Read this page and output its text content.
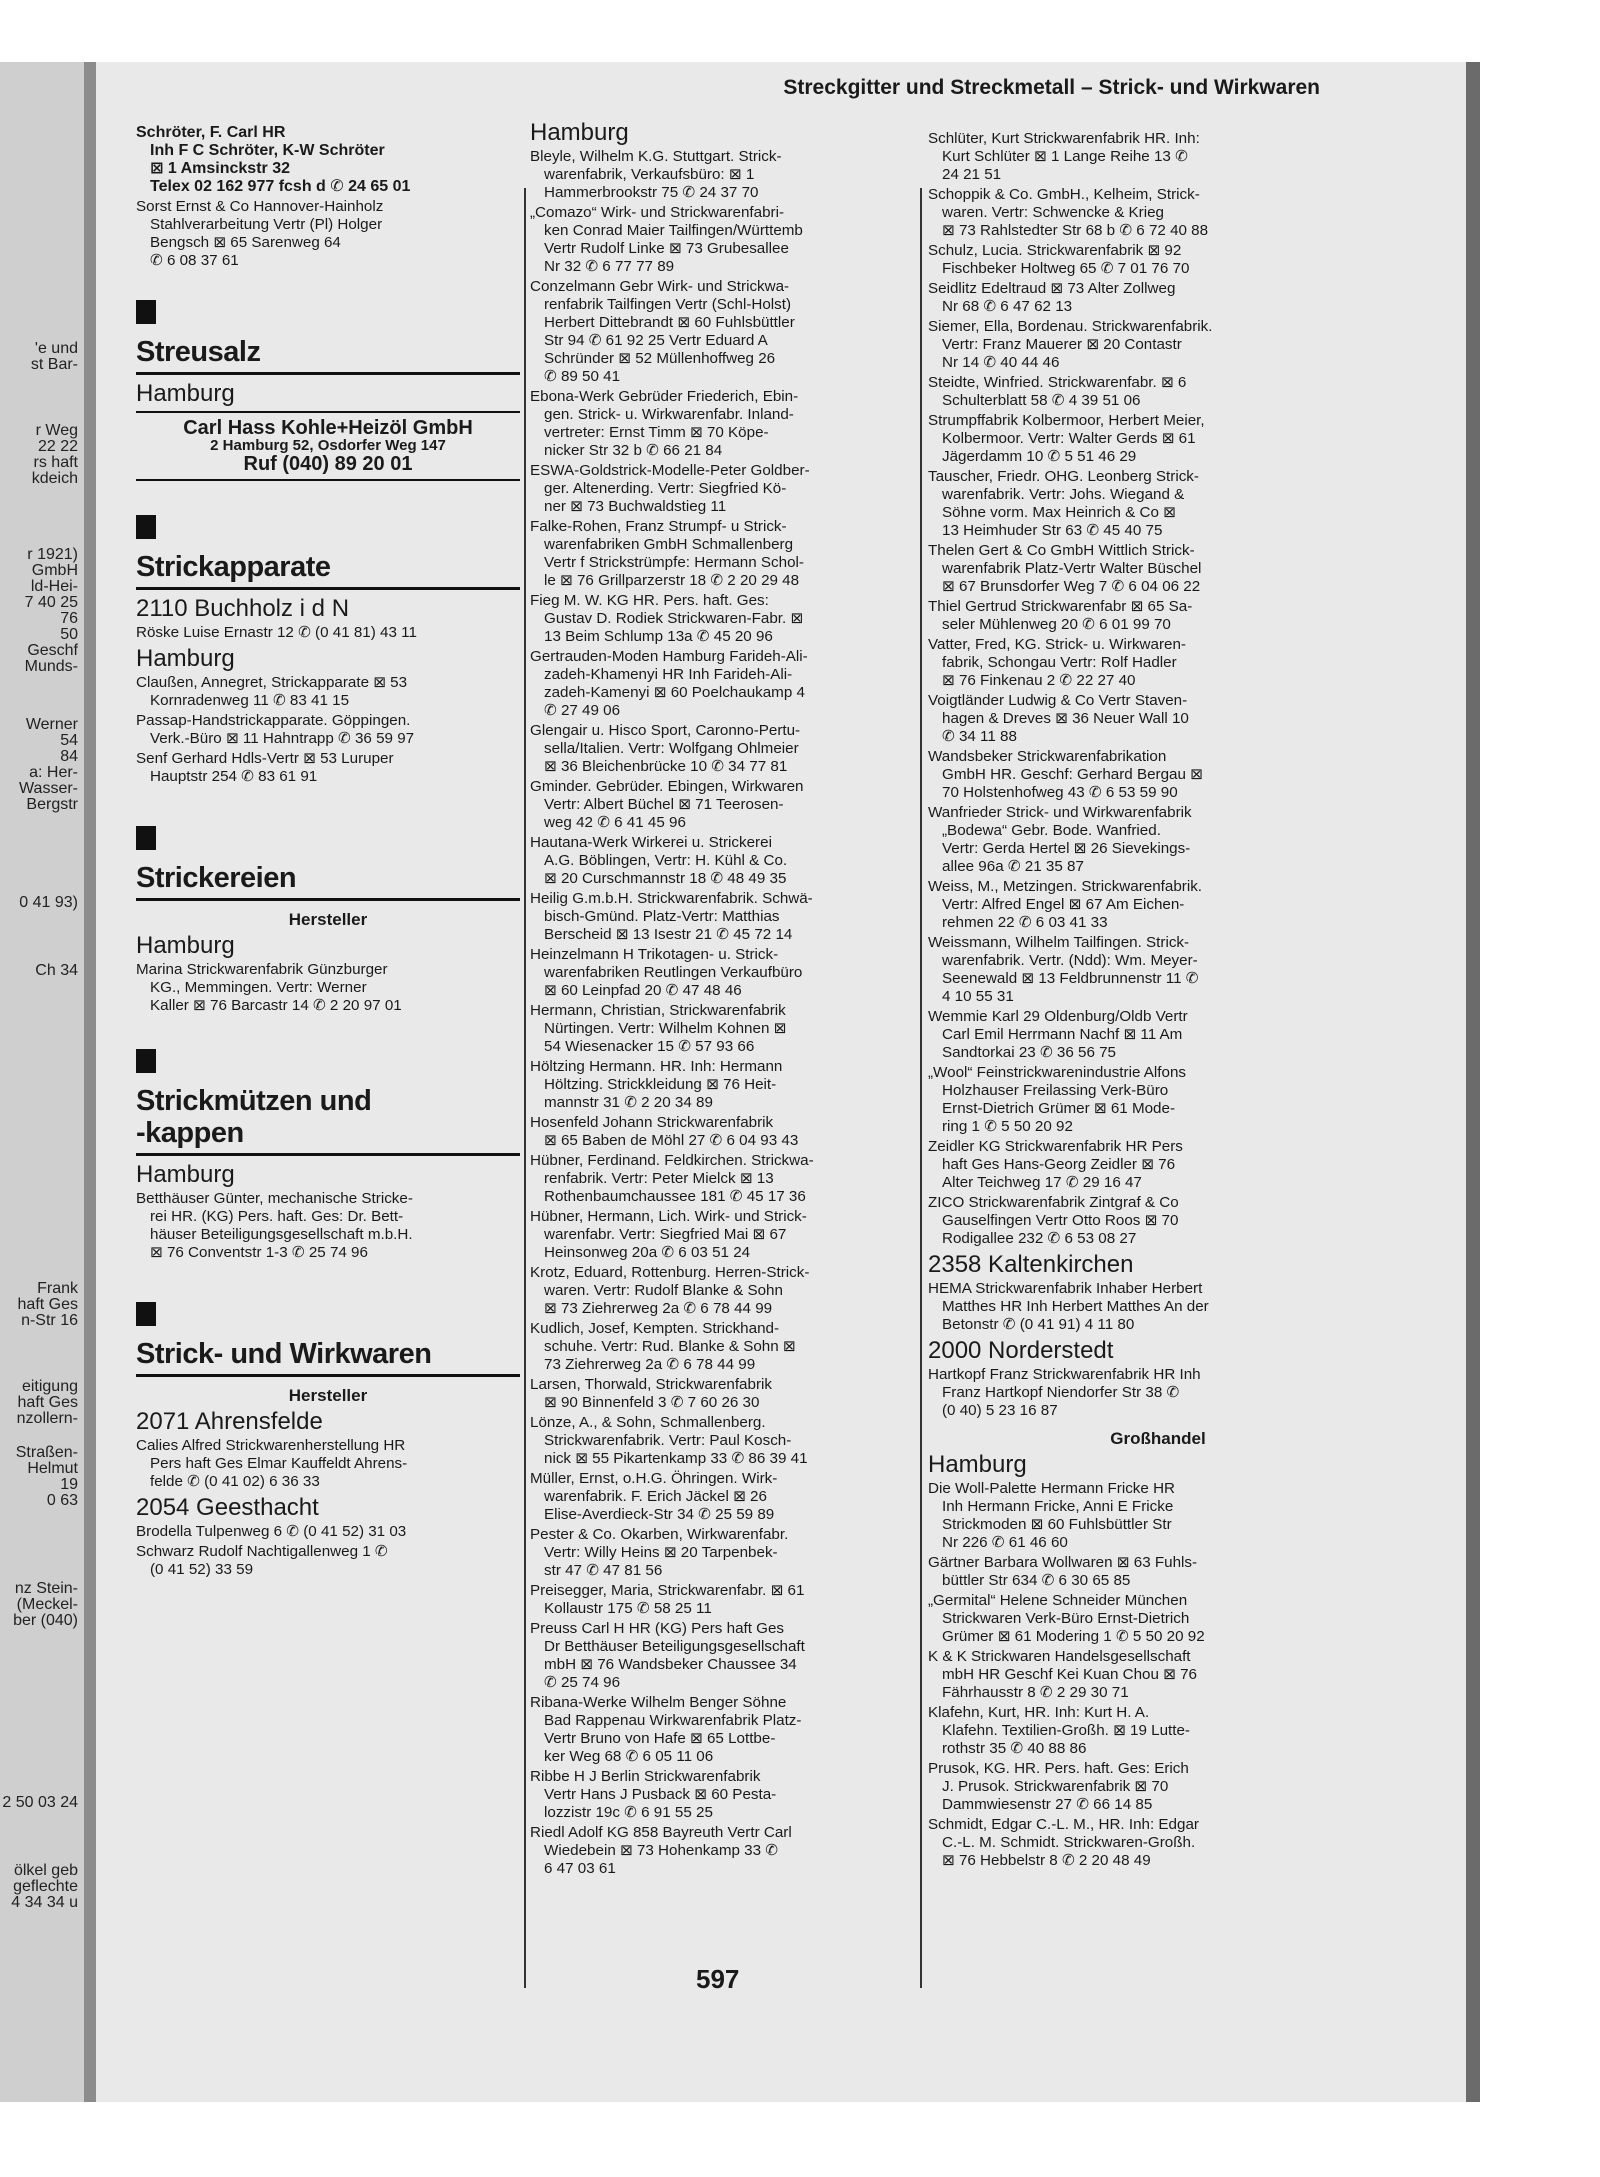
'e und
st Bar-
r Weg
22 22
rs haft
kdeich
r 1921)
GmbH
ld-Hei-
7 40 25
76
50
Geschf
Munds-
Werner
54
84
a: Her-
Wasser-
Bergstr
0 41 93)
Ch 34
Frank
haft Ges
n-Str 16
eitigung
haft Ges
nzollern-
Straßen-
Helmut
19
0 63
nz Stein-
(Meckel-
ber (040)
2 50 03 24
ölkel geb
geflechte
4 34 34 u
Streckgitter und Streckmetall – Strick- und Wirkwaren
Schröter, F. Carl HR
Inh F C Schröter, K-W Schröter
⊠ 1 Amsinckstr 32
Telex 02 162 977 fcsh d ✆ 24 65 01
Sorst Ernst & Co Hannover-Hainholz
Stahlverarbeitung Vertr (Pl) Holger
Bengsch ⊠ 65 Sarenweg 64
✆ 6 08 37 61
Streusalz
Hamburg
Carl Hass Kohle+Heizöl GmbH
2 Hamburg 52, Osdorfer Weg 147
Ruf (040) 89 20 01
Strickapparate
2110 Buchholz i d N
Röske Luise Ernastr 12 ✆ (0 41 81) 43 11
Hamburg
Claußen, Annegret, Strickapparate ⊠ 53
Kornradenweg 11 ✆ 83 41 15
Passap-Handstrickapparate. Göppingen.
Verk.-Büro ⊠ 11 Hahntrapp ✆ 36 59 97
Senf Gerhard Hdls-Vertr ⊠ 53 Luruper
Hauptstr 254 ✆ 83 61 91
Strickereien
Hersteller
Hamburg
Marina Strickwarenfabrik Günzburger
KG., Memmingen. Vertr: Werner
Kaller ⊠ 76 Barcastr 14 ✆ 2 20 97 01
Strickmützen und
-kappen
Hamburg
Betthäuser Günter, mechanische Stricke-
rei HR. (KG) Pers. haft. Ges: Dr. Bett-
häuser Beteiligungsgesellschaft m.b.H.
⊠ 76 Conventstr 1-3 ✆ 25 74 96
Strick- und Wirkwaren
Hersteller
2071 Ahrensfelde
Calies Alfred Strickwarenherstellung HR
Pers haft Ges Elmar Kauffeldt Ahrens-
felde ✆ (0 41 02) 6 36 33
2054 Geesthacht
Brodella Tulpenweg 6 ✆ (0 41 52) 31 03
Schwarz Rudolf Nachtigallenweg 1 ✆
(0 41 52) 33 59
Hamburg
Bleyle, Wilhelm K.G. Stuttgart. Strick-
warenfabrik, Verkaufsbüro: ⊠ 1
Hammerbrookstr 75 ✆ 24 37 70
„Comazo“ Wirk- und Strickwarenfabri-
ken Conrad Maier Tailfingen/Württemb
Vertr Rudolf Linke ⊠ 73 Grubesallee
Nr 32 ✆ 6 77 77 89
Conzelmann Gebr Wirk- und Strickwa-
renfabrik Tailfingen Vertr (Schl-Holst)
Herbert Dittebrandt ⊠ 60 Fuhlsbüttler
Str 94 ✆ 61 92 25 Vertr Eduard A
Schründer ⊠ 52 Müllenhoffweg 26
✆ 89 50 41
Ebona-Werk Gebrüder Friederich, Ebin-
gen. Strick- u. Wirkwarenfabr. Inland-
vertreter: Ernst Timm ⊠ 70 Köpe-
nicker Str 32 b ✆ 66 21 84
ESWA-Goldstrick-Modelle-Peter Goldber-
ger. Altenerding. Vertr: Siegfried Kö-
ner ⊠ 73 Buchwaldstieg 11
Falke-Rohen, Franz Strumpf- u Strick-
warenfabriken GmbH Schmallenberg
Vertr f Strickstrümpfe: Hermann Schol-
le ⊠ 76 Grillparzerstr 18 ✆ 2 20 29 48
Fieg M. W. KG HR. Pers. haft. Ges:
Gustav D. Rodiek Strickwaren-Fabr. ⊠
13 Beim Schlump 13a ✆ 45 20 96
Gertrauden-Moden Hamburg Farideh-Ali-
zadeh-Khamenyi HR Inh Farideh-Ali-
zadeh-Kamenyi ⊠ 60 Poelchaukamp 4
✆ 27 49 06
Glengair u. Hisco Sport, Caronno-Pertu-
sella/Italien. Vertr: Wolfgang Ohlmeier
⊠ 36 Bleichenbrücke 10 ✆ 34 77 81
Gminder. Gebrüder. Ebingen, Wirkwaren
Vertr: Albert Büchel ⊠ 71 Teerosen-
weg 42 ✆ 6 41 45 96
Hautana-Werk Wirkerei u. Strickerei
A.G. Böblingen, Vertr: H. Kühl & Co.
⊠ 20 Curschmannstr 18 ✆ 48 49 35
Heilig G.m.b.H. Strickwarenfabrik. Schwä-
bisch-Gmünd. Platz-Vertr: Matthias
Berscheid ⊠ 13 Isestr 21 ✆ 45 72 14
Heinzelmann H Trikotagen- u. Strick-
warenfabriken Reutlingen Verkaufbüro
⊠ 60 Leinpfad 20 ✆ 47 48 46
Hermann, Christian, Strickwarenfabrik
Nürtingen. Vertr: Wilhelm Kohnen ⊠
54 Wiesenacker 15 ✆ 57 93 66
Höltzing Hermann. HR. Inh: Hermann
Höltzing. Strickkleidung ⊠ 76 Heit-
mannstr 31 ✆ 2 20 34 89
Hosenfeld Johann Strickwarenfabrik
⊠ 65 Baben de Möhl 27 ✆ 6 04 93 43
Hübner, Ferdinand. Feldkirchen. Strickwa-
renfabrik. Vertr: Peter Mielck ⊠ 13
Rothenbaumchaussee 181 ✆ 45 17 36
Hübner, Hermann, Lich. Wirk- und Strick-
warenfabr. Vertr: Siegfried Mai ⊠ 67
Heinsonweg 20a ✆ 6 03 51 24
Krotz, Eduard, Rottenburg. Herren-Strick-
waren. Vertr: Rudolf Blanke & Sohn
⊠ 73 Ziehrerweg 2a ✆ 6 78 44 99
Kudlich, Josef, Kempten. Strickhand-
schuhe. Vertr: Rud. Blanke & Sohn ⊠
73 Ziehrerweg 2a ✆ 6 78 44 99
Larsen, Thorwald, Strickwarenfabrik
⊠ 90 Binnenfeld 3 ✆ 7 60 26 30
Lönze, A., & Sohn, Schmallenberg.
Strickwarenfabrik. Vertr: Paul Kosch-
nick ⊠ 55 Pikartenkamp 33 ✆ 86 39 41
Müller, Ernst, o.H.G. Öhringen. Wirk-
warenfabrik. F. Erich Jäckel ⊠ 26
Elise-Averdieck-Str 34 ✆ 25 59 89
Pester & Co. Okarben, Wirkwarenfabr.
Vertr: Willy Heins ⊠ 20 Tarpenbek-
str 47 ✆ 47 81 56
Preisegger, Maria, Strickwarenfabr. ⊠ 61
Kollaustr 175 ✆ 58 25 11
Preuss Carl H HR (KG) Pers haft Ges
Dr Betthäuser Beteiligungsgesellschaft
mbH ⊠ 76 Wandsbeker Chaussee 34
✆ 25 74 96
Ribana-Werke Wilhelm Benger Söhne
Bad Rappenau Wirkwarenfabrik Platz-
Vertr Bruno von Hafe ⊠ 65 Lottbe-
ker Weg 68 ✆ 6 05 11 06
Ribbe H J Berlin Strickwarenfabrik
Vertr Hans J Pusback ⊠ 60 Pesta-
lozzistr 19c ✆ 6 91 55 25
Riedl Adolf KG 858 Bayreuth Vertr Carl
Wiedebein ⊠ 73 Hohenkamp 33 ✆
6 47 03 61
Schlüter, Kurt Strickwarenfabrik HR. Inh:
Kurt Schlüter ⊠ 1 Lange Reihe 13 ✆
24 21 51
Schoppik & Co. GmbH., Kelheim, Strick-
waren. Vertr: Schwencke & Krieg
⊠ 73 Rahlstedter Str 68 b ✆ 6 72 40 88
Schulz, Lucia. Strickwarenfabrik ⊠ 92
Fischbeker Holtweg 65 ✆ 7 01 76 70
Seidlitz Edeltraud ⊠ 73 Alter Zollweg
Nr 68 ✆ 6 47 62 13
Siemer, Ella, Bordenau. Strickwarenfabrik.
Vertr: Franz Mauerer ⊠ 20 Contastr
Nr 14 ✆ 40 44 46
Steidte, Winfried. Strickwarenfabr. ⊠ 6
Schulterblatt 58 ✆ 4 39 51 06
Strumpffabrik Kolbermoor, Herbert Meier,
Kolbermoor. Vertr: Walter Gerds ⊠ 61
Jägerdamm 10 ✆ 5 51 46 29
Tauscher, Friedr. OHG. Leonberg Strick-
warenfabrik. Vertr: Johs. Wiegand &
Söhne vorm. Max Heinrich & Co ⊠
13 Heimhuder Str 63 ✆ 45 40 75
Thelen Gert & Co GmbH Wittlich Strick-
warenfabrik Platz-Vertr Walter Büschel
⊠ 67 Brunsdorfer Weg 7 ✆ 6 04 06 22
Thiel Gertrud Strickwarenfabr ⊠ 65 Sa-
seler Mühlenweg 20 ✆ 6 01 99 70
Vatter, Fred, KG. Strick- u. Wirkwaren-
fabrik, Schongau Vertr: Rolf Hadler
⊠ 76 Finkenau 2 ✆ 22 27 40
Voigtländer Ludwig & Co Vertr Staven-
hagen & Dreves ⊠ 36 Neuer Wall 10
✆ 34 11 88
Wandsbeker Strickwarenfabrikation
GmbH HR. Geschf: Gerhard Bergau ⊠
70 Holstenhofweg 43 ✆ 6 53 59 90
Wanfrieder Strick- und Wirkwarenfabrik
„Bodewa“ Gebr. Bode. Wanfried.
Vertr: Gerda Hertel ⊠ 26 Sievekings-
allee 96a ✆ 21 35 87
Weiss, M., Metzingen. Strickwarenfabrik.
Vertr: Alfred Engel ⊠ 67 Am Eichen-
rehmen 22 ✆ 6 03 41 33
Weissmann, Wilhelm Tailfingen. Strick-
warenfabrik. Vertr. (Ndd): Wm. Meyer-
Seenewald ⊠ 13 Feldbrunnenstr 11 ✆
4 10 55 31
Wemmie Karl 29 Oldenburg/Oldb Vertr
Carl Emil Herrmann Nachf ⊠ 11 Am
Sandtorkai 23 ✆ 36 56 75
„Wool“ Feinstrickwarenindustrie Alfons
Holzhauser Freilassing Verk-Büro
Ernst-Dietrich Grümer ⊠ 61 Mode-
ring 1 ✆ 5 50 20 92
Zeidler KG Strickwarenfabrik HR Pers
haft Ges Hans-Georg Zeidler ⊠ 76
Alter Teichweg 17 ✆ 29 16 47
ZICO Strickwarenfabrik Zintgraf & Co
Gauselfingen Vertr Otto Roos ⊠ 70
Rodigallee 232 ✆ 6 53 08 27
2358 Kaltenkirchen
HEMA Strickwarenfabrik Inhaber Herbert
Matthes HR Inh Herbert Matthes An der
Betonstr ✆ (0 41 91) 4 11 80
2000 Norderstedt
Hartkopf Franz Strickwarenfabrik HR Inh
Franz Hartkopf Niendorfer Str 38 ✆
(0 40) 5 23 16 87
Großhandel
Hamburg
Die Woll-Palette Hermann Fricke HR
Inh Hermann Fricke, Anni E Fricke
Strickmoden ⊠ 60 Fuhlsbüttler Str
Nr 226 ✆ 61 46 60
Gärtner Barbara Wollwaren ⊠ 63 Fuhls-
büttler Str 634 ✆ 6 30 65 85
„Germital“ Helene Schneider München
Strickwaren Verk-Büro Ernst-Dietrich
Grümer ⊠ 61 Modering 1 ✆ 5 50 20 92
K & K Strickwaren Handelsgesellschaft
mbH HR Geschf Kei Kuan Chou ⊠ 76
Fährhausstr 8 ✆ 2 29 30 71
Klafehn, Kurt, HR. Inh: Kurt H. A.
Klafehn. Textilien-Großh. ⊠ 19 Lutte-
rothstr 35 ✆ 40 88 86
Prusok, KG. HR. Pers. haft. Ges: Erich
J. Prusok. Strickwarenfabrik ⊠ 70
Dammwiesenstr 27 ✆ 66 14 85
Schmidt, Edgar C.-L. M., HR. Inh: Edgar
C.-L. M. Schmidt. Strickwaren-Großh.
⊠ 76 Hebbelstr 8 ✆ 2 20 48 49
597
